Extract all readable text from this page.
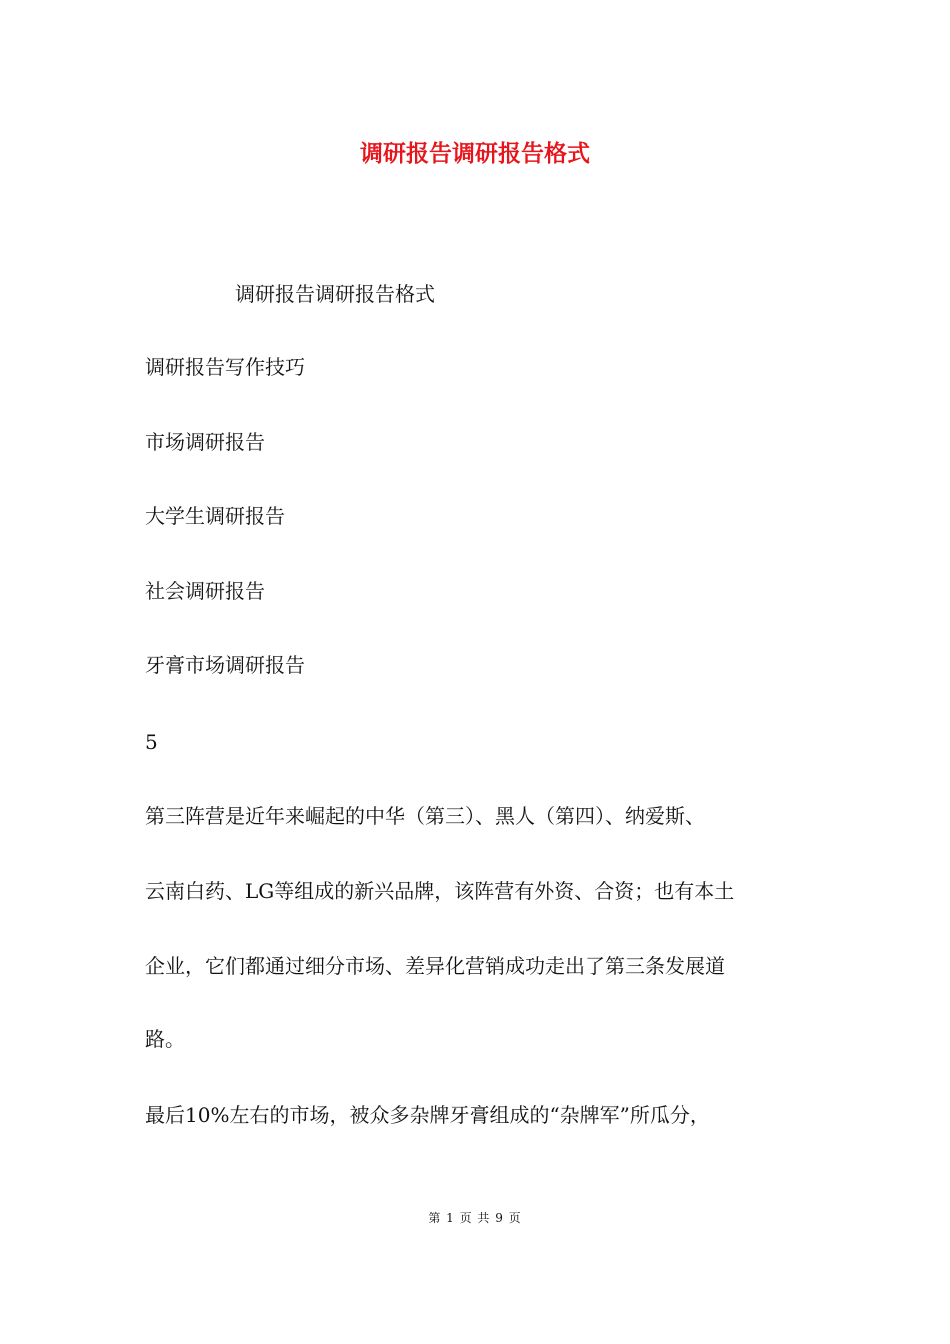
调研报告调研报告格式

调研报告调研报告格式

调研报告写作技巧

市场调研报告

大学生调研报告

社会调研报告

牙膏市场调研报告

5

第三阵营是近年来崛起的中华（第三）、黑人（第四）、纳爱斯、

云南白药、LG等组成的新兴品牌，该阵营有外资、合资；也有本土

企业，它们都通过细分市场、差异化营销成功走出了第三条发展道

路。

最后10%左右的市场，被众多杂牌牙膏组成的“杂牌军”所瓜分，

第 1 页 共 9 页
